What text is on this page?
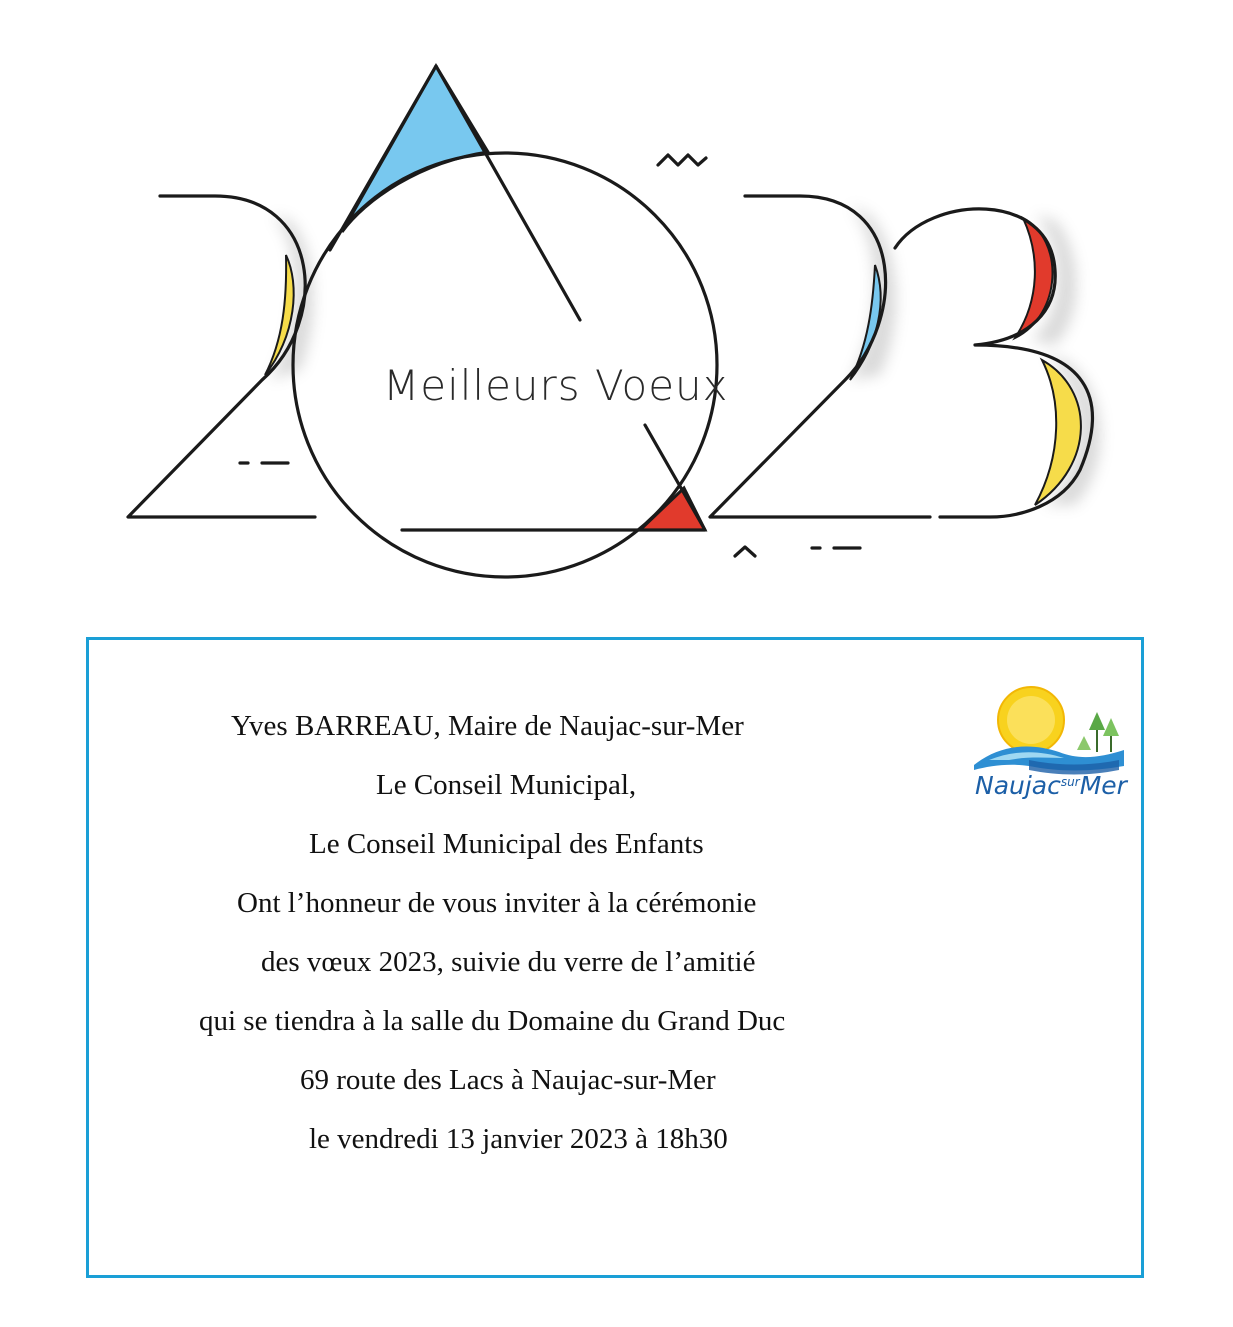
Meilleurs Voeux
Yves BARREAU, Maire de Naujac-sur-Mer
Le Conseil Municipal,
Le Conseil Municipal des Enfants
Ont l’honneur de vous inviter à la cérémonie
des vœux 2023, suivie du verre de l’amitié
qui se tiendra à la salle du Domaine du Grand Duc
69 route des Lacs à Naujac-sur-Mer
le vendredi 13 janvier 2023 à 18h30
Naujac$^{sur}$Mer
